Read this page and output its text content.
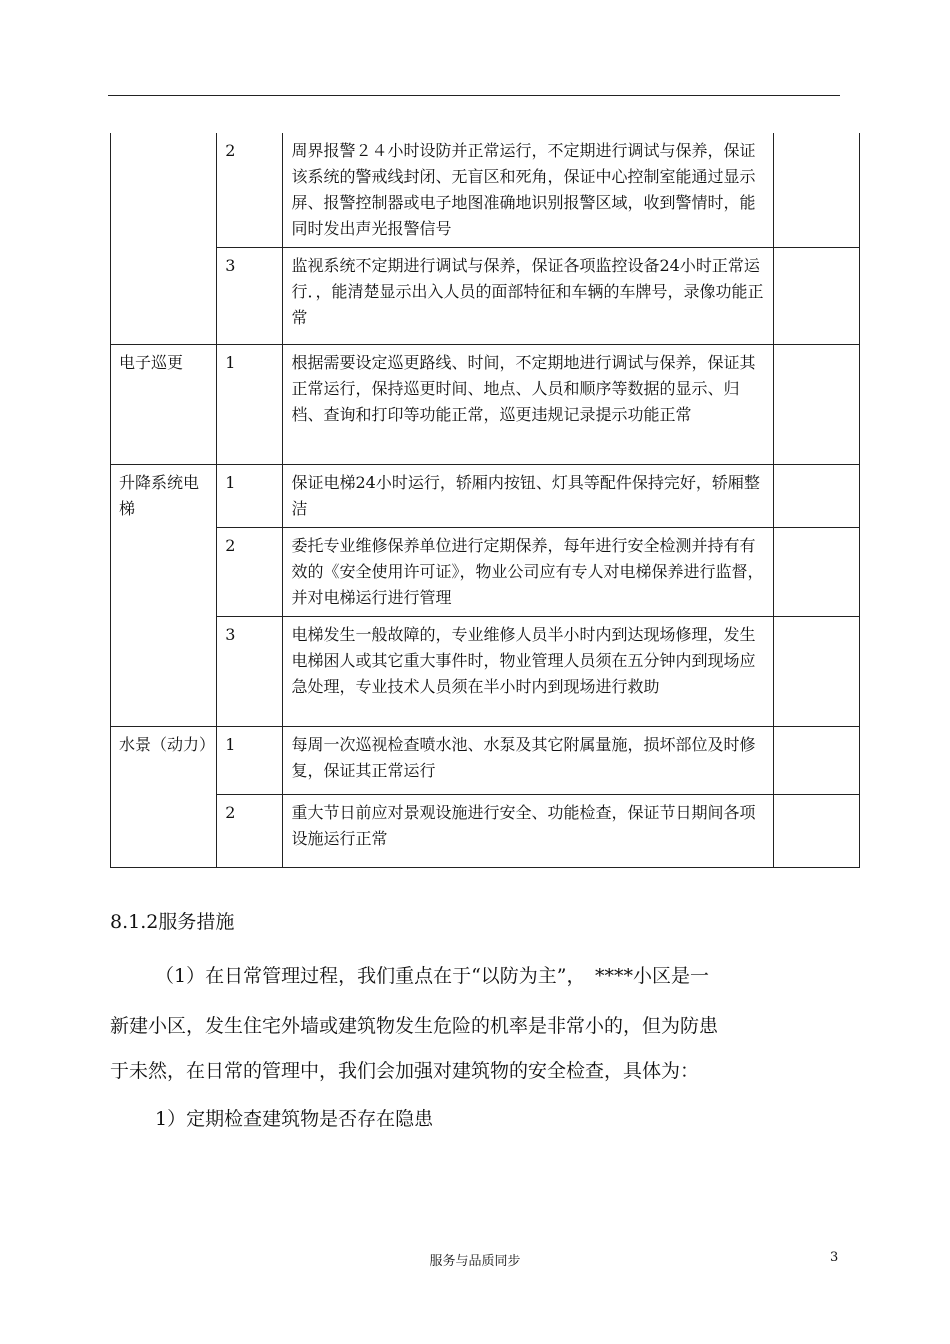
	2	周界报警２４小时设防并正常运行，不定期进行调试与保养，保证该系统的警戒线封闭、无盲区和死角，保证中心控制室能通过显示屏、报警控制器或电子地图准确地识别报警区域，收到警情时，能同时发出声光报警信号	
	3	监视系统不定期进行调试与保养，保证各项监控设备24小时正常运行．，能清楚显示出入人员的面部特征和车辆的车牌号，录像功能正常	
电子巡更	1	根据需要设定巡更路线、时间，不定期地进行调试与保养，保证其正常运行，保持巡更时间、地点、人员和顺序等数据的显示、归档、查询和打印等功能正常，巡更违规记录提示功能正常	
升降系统电梯	1	保证电梯24小时运行，轿厢内按钮、灯具等配件保持完好，轿厢整洁	
	2	委托专业维修保养单位进行定期保养，每年进行安全检测并持有有效的《安全使用许可证》，物业公司应有专人对电梯保养进行监督，并对电梯运行进行管理	
	3	电梯发生一般故障的，专业维修人员半小时内到达现场修理，发生电梯困人或其它重大事件时，物业管理人员须在五分钟内到现场应急处理，专业技术人员须在半小时内到现场进行救助	
水景（动力）	1	每周一次巡视检查喷水池、水泵及其它附属量施，损坏部位及时修复，保证其正常运行	
	2	重大节日前应对景观设施进行安全、功能检查，保证节日期间各项设施运行正常	
8.1.2服务措施
（1）在日常管理过程，我们重点在于“以防为主”，　****小区是一
新建小区，发生住宅外墙或建筑物发生危险的机率是非常小的，但为防患
于未然，在日常的管理中，我们会加强对建筑物的安全检查，具体为：
1）定期检查建筑物是否存在隐患
服务与品质同步	3
